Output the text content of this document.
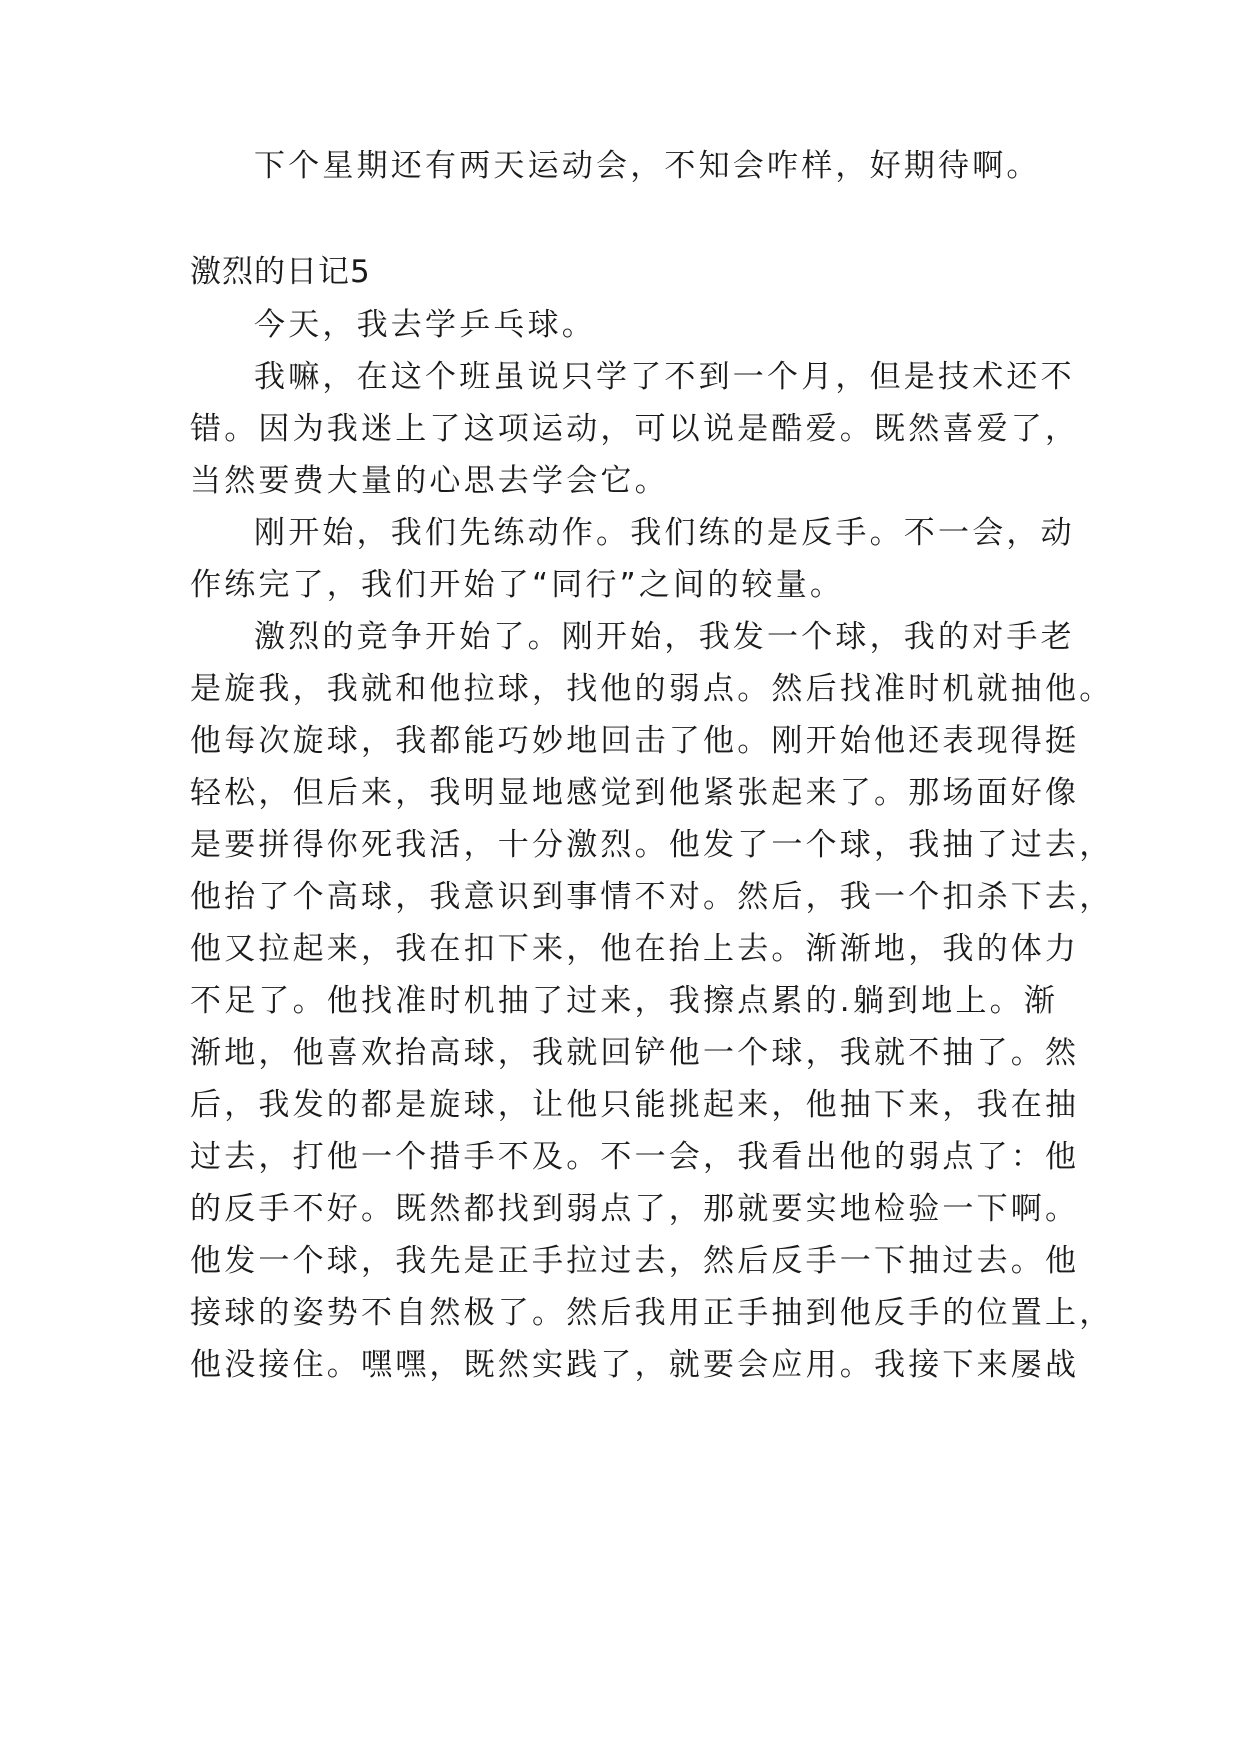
下个星期还有两天运动会，不知会咋样，好期待啊。
激烈的日记5
今天，我去学乒乓球。
我嘛，在这个班虽说只学了不到一个月，但是技术还不
错。因为我迷上了这项运动，可以说是酷爱。既然喜爱了，
当然要费大量的心思去学会它。
刚开始，我们先练动作。我们练的是反手。不一会，动
作练完了，我们开始了“同行”之间的较量。
激烈的竞争开始了。刚开始，我发一个球，我的对手老
是旋我，我就和他拉球，找他的弱点。然后找准时机就抽他。
他每次旋球，我都能巧妙地回击了他。刚开始他还表现得挺
轻松，但后来，我明显地感觉到他紧张起来了。那场面好像
是要拼得你死我活，十分激烈。他发了一个球，我抽了过去，
他抬了个高球，我意识到事情不对。然后，我一个扣杀下去，
他又拉起来，我在扣下来，他在抬上去。渐渐地，我的体力
不足了。他找准时机抽了过来，我擦点累的.躺到地上。渐
渐地，他喜欢抬高球，我就回铲他一个球，我就不抽了。然
后，我发的都是旋球，让他只能挑起来，他抽下来，我在抽
过去，打他一个措手不及。不一会，我看出他的弱点了：他
的反手不好。既然都找到弱点了，那就要实地检验一下啊。
他发一个球，我先是正手拉过去，然后反手一下抽过去。他
接球的姿势不自然极了。然后我用正手抽到他反手的位置上，
他没接住。嘿嘿，既然实践了，就要会应用。我接下来屡战
